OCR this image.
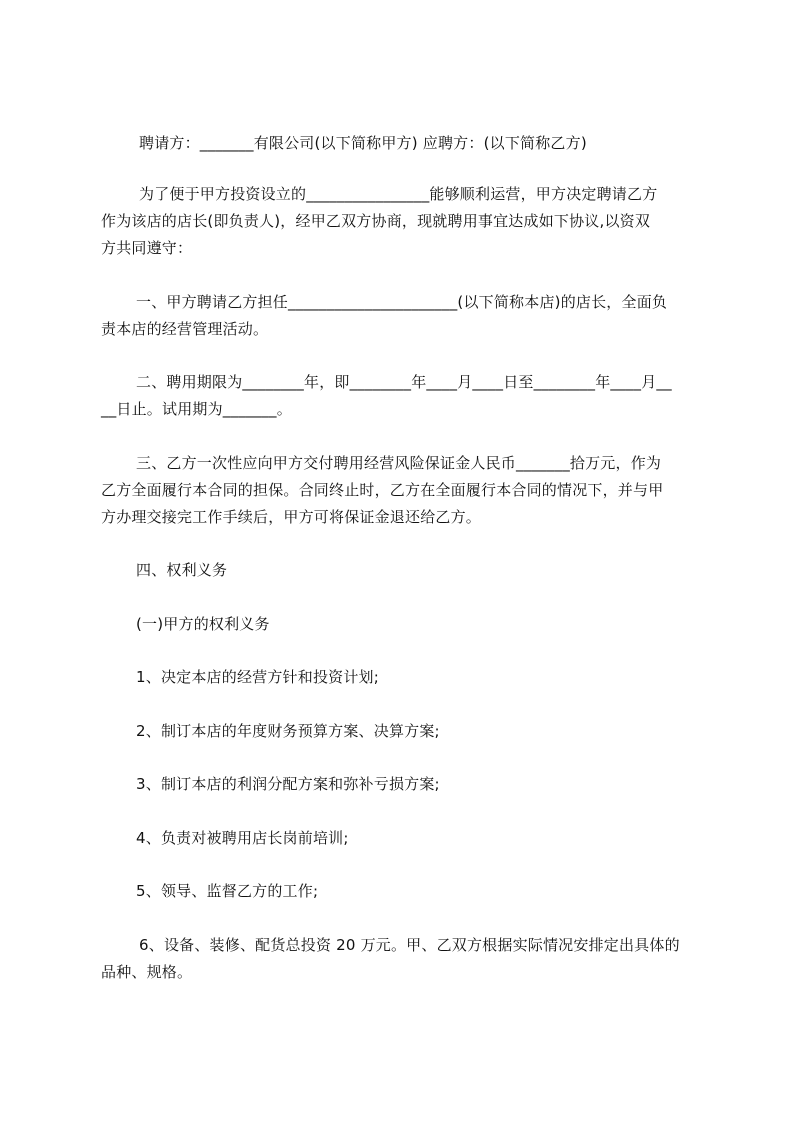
聘请方：_______有限公司(以下简称甲方) 应聘方：(以下简称乙方)
为了便于甲方投资设立的________________能够顺利运营，甲方决定聘请乙方
作为该店的店长(即负责人)，经甲乙双方协商，现就聘用事宜达成如下协议,以资双
方共同遵守：
一、甲方聘请乙方担任______________________(以下简称本店)的店长，全面负
责本店的经营管理活动。
二、聘用期限为________年，即________年____月____日至________年____月__
__日止。试用期为_______。
三、乙方一次性应向甲方交付聘用经营风险保证金人民币_______拾万元，作为
乙方全面履行本合同的担保。合同终止时，乙方在全面履行本合同的情况下，并与甲
方办理交接完工作手续后，甲方可将保证金退还给乙方。
四、权利义务
(一)甲方的权利义务
1、决定本店的经营方针和投资计划;
2、制订本店的年度财务预算方案、决算方案;
3、制订本店的利润分配方案和弥补亏损方案;
4、负责对被聘用店长岗前培训;
5、领导、监督乙方的工作;
6、设备、装修、配货总投资 20 万元。甲、乙双方根据实际情况安排定出具体的
品种、规格。
